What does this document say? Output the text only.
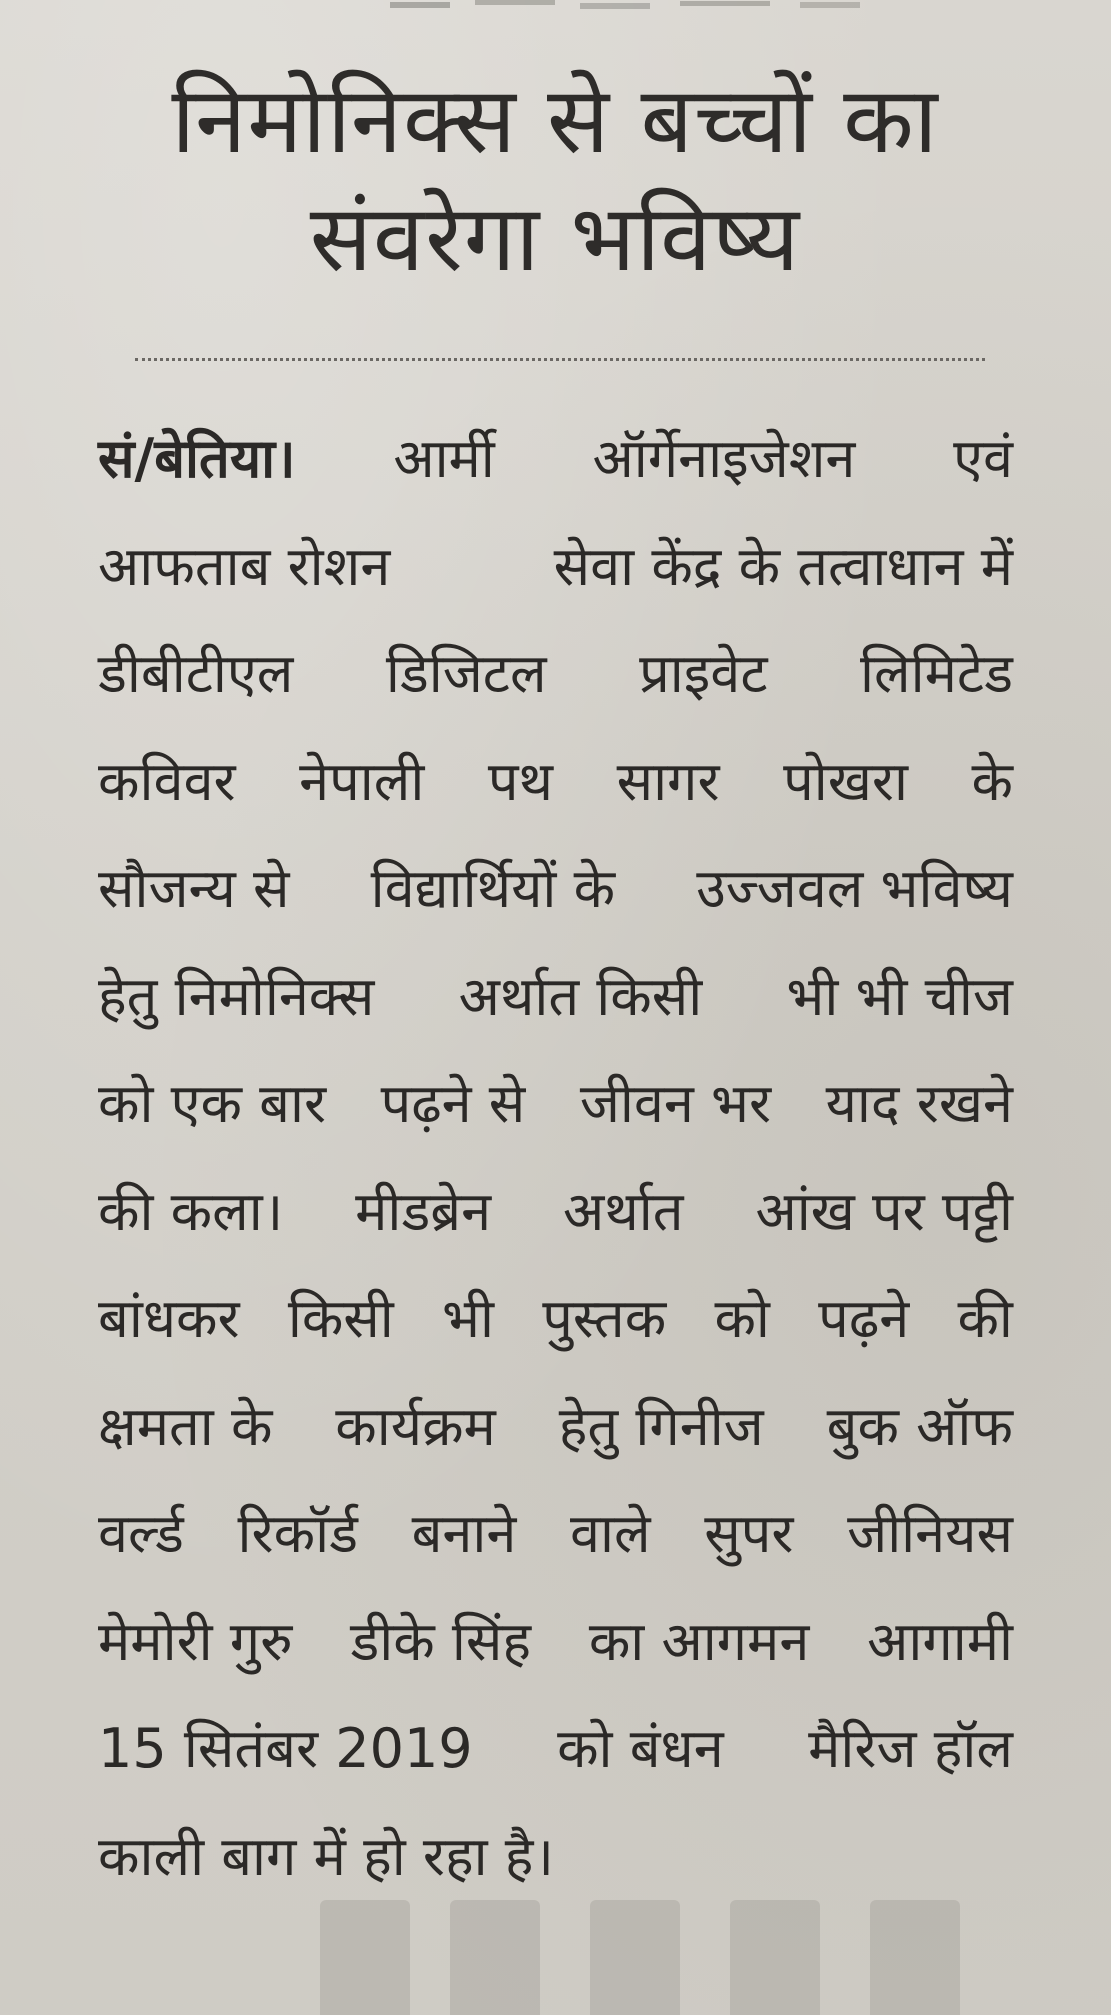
निमोनिक्स से बच्चों का
संवरेगा भविष्य
सं/बेतिया। आर्मी ऑर्गेनाइजेशन एवं
आफताब रोशन	सेवा केंद्र के तत्वाधान में
डीबीटीएल डिजिटल प्राइवेट लिमिटेड
कविवर नेपाली पथ सागर पोखरा के
सौजन्य से विद्यार्थियों के उज्जवल भविष्य
हेतु निमोनिक्स अर्थात किसी भी भी चीज
को एक बार पढ़ने से जीवन भर याद रखने
की कला। मीडब्रेन अर्थात आंख पर पट्टी
बांधकर किसी भी पुस्तक को पढ़ने की
क्षमता के कार्यक्रम हेतु गिनीज बुक ऑफ
वर्ल्ड रिकॉर्ड बनाने वाले सुपर जीनियस
मेमोरी गुरु डीके सिंह का आगमन आगामी
15 सितंबर 2019 को बंधन मैरिज हॉल
काली बाग में हो रहा है।
